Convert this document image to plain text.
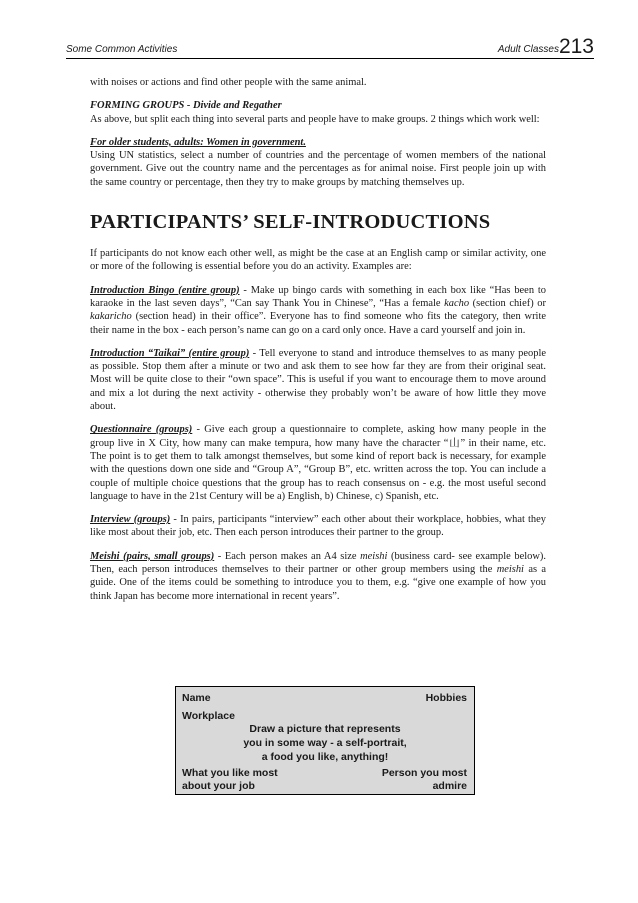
Some Common Activities	Adult Classes 213

with noises or actions and find other people with the same animal.

FORMING GROUPS - Divide and Regather
As above, but split each thing into several parts and people have to make groups. 2 things which work well:

For older students, adults: Women in government.
Using UN statistics, select a number of countries and the percentage of women members of the national government. Give out the country name and the percentages as for animal noise. First people join up with the same country or percentage, then they try to make groups by matching themselves up.

PARTICIPANTS’ SELF-INTRODUCTIONS

If participants do not know each other well, as might be the case at an English camp or similar activity, one or more of the following is essential before you do an activity. Examples are:

Introduction Bingo (entire group) - Make up bingo cards with something in each box like “Has been to karaoke in the last seven days”, “Can say Thank You in Chinese”, “Has a female kacho (section chief) or kakaricho (section head) in their office”. Everyone has to find someone who fits the category, then write their name in the box - each person’s name can go on a card only once. Have a card yourself and join in.

Introduction “Taikai” (entire group) - Tell everyone to stand and introduce themselves to as many people as possible. Stop them after a minute or two and ask them to see how far they are from their original seat. Most will be quite close to their “own space”. This is useful if you want to encourage them to move around and mix a lot during the next activity - otherwise they probably won’t be aware of how little they move about.

Questionnaire (groups) - Give each group a questionnaire to complete, asking how many people in the group live in X City, how many can make tempura, how many have the character “山” in their name, etc. The point is to get them to talk amongst themselves, but some kind of report back is necessary, for example with the questions down one side and “Group A”, “Group B”, etc. written across the top. You can include a couple of multiple choice questions that the group has to reach consensus on - e.g. the most useful second language to have in the 21st Century will be a) English, b) Chinese, c) Spanish, etc.

Interview (groups) - In pairs, participants “interview” each other about their workplace, hobbies, what they like most about their job, etc. Then each person introduces their partner to the group.

Meishi (pairs, small groups) - Each person makes an A4 size meishi (business card- see example below). Then, each person introduces themselves to their partner or other group members using the meishi as a guide. One of the items could be something to introduce you to them, e.g. “give one example of how you think Japan has become more international in recent years”.

Name	Hobbies
Workplace
Draw a picture that represents
you in some way - a self-portrait,
a food you like, anything!
What you like most
about your job
Person you most
admire
